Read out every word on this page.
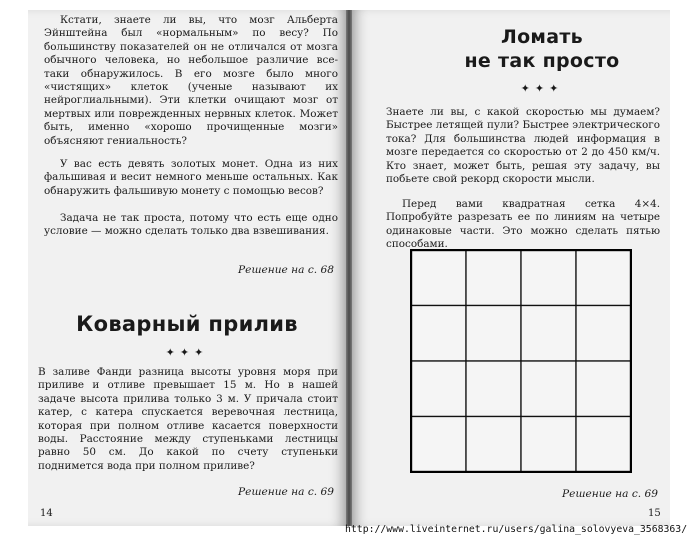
Кстати, знаете ли вы, что мозг Альберта Эйнштейна был «нормальным» по весу? По большинству показателей он не отличался от мозга обычного человека, но небольшое различие все-таки обнаружилось. В его мозге было много «чистящих» клеток (ученые называют их нейроглиальными). Эти клетки очищают мозг от мертвых или поврежденных нервных клеток. Может быть, именно «хорошо прочищенные мозги» объясняют гениальность?

У вас есть девять золотых монет. Одна из них фальшивая и весит немного меньше остальных. Как обнаружить фальшивую монету с помощью весов?

Задача не так проста, потому что есть еще одно условие — можно сделать только два взвешивания.

Решение на с. 68

Коварный прилив
✦✦✦

В заливе Фанди разница высоты уровня моря при приливе и отливе превышает 15 м. Но в нашей задаче высота прилива только 3 м. У причала стоит катер, с катера спускается веревочная лестница, которая при полном отливе касается поверхности воды. Расстояние между ступеньками лестницы равно 50 см. До какой по счету ступеньки поднимется вода при полном приливе?

Решение на с. 69

14
Ломать
не так просто
✦✦✦

Знаете ли вы, с какой скоростью мы думаем? Быстрее летящей пули? Быстрее электрического тока? Для большинства людей информация в мозге передается со скоростью от 2 до 450 км/ч. Кто знает, может быть, решая эту задачу, вы побьете свой рекорд скорости мысли.

Перед вами квадратная сетка 4×4. Попробуйте разрезать ее по линиям на четыре одинаковые части. Это можно сделать пятью способами.

Решение на с. 69

15
http://www.liveinternet.ru/users/galina_solovyeva_3568363/
